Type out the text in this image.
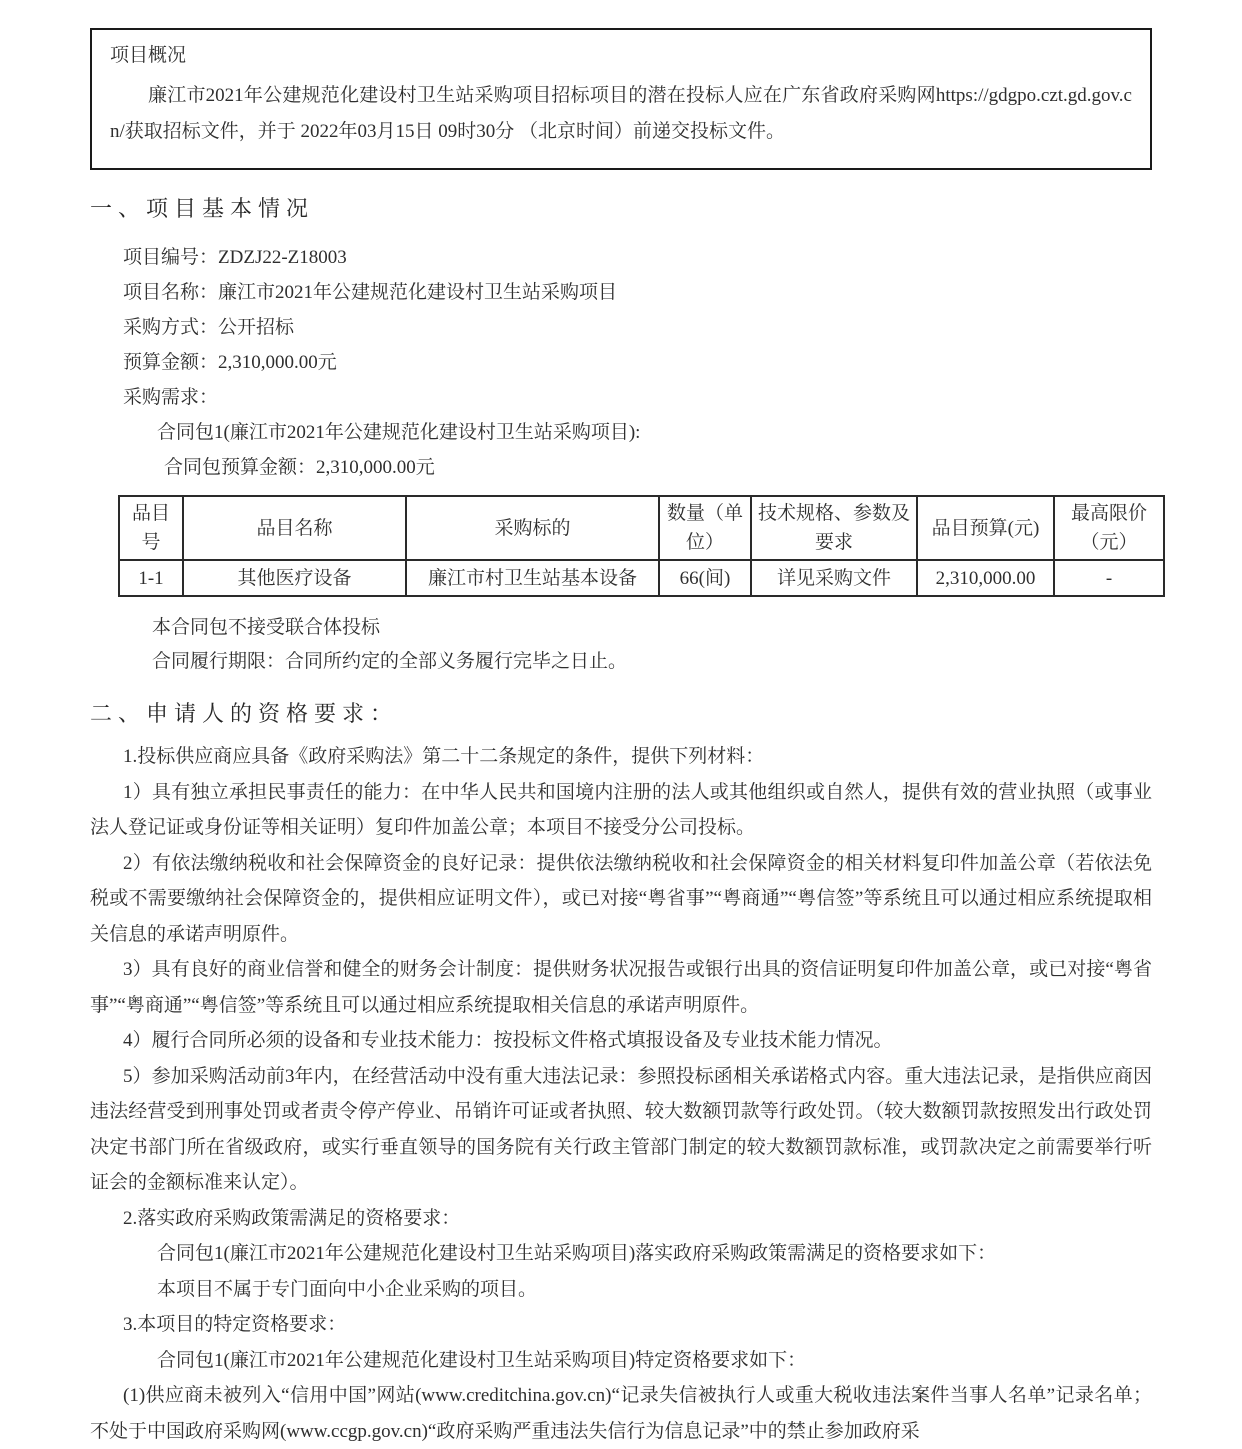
项目概况
廉江市2021年公建规范化建设村卫生站采购项目招标项目的潜在投标人应在广东省政府采购网https://gdgpo.czt.gd.gov.cn/获取招标文件，并于 2022年03月15日 09时30分 （北京时间）前递交投标文件。
一、项目基本情况
项目编号：ZDZJ22-Z18003
项目名称：廉江市2021年公建规范化建设村卫生站采购项目
采购方式：公开招标
预算金额：2,310,000.00元
采购需求：
合同包1(廉江市2021年公建规范化建设村卫生站采购项目):
合同包预算金额：2,310,000.00元
品目号	品目名称	采购标的	数量（单位）	技术规格、参数及要求	品目预算(元)	最高限价（元）
1-1	其他医疗设备	廉江市村卫生站基本设备	66(间)	详见采购文件	2,310,000.00	-
本合同包不接受联合体投标
合同履行期限：合同所约定的全部义务履行完毕之日止。
二、申请人的资格要求：

1.投标供应商应具备《政府采购法》第二十二条规定的条件，提供下列材料：

1）具有独立承担民事责任的能力：在中华人民共和国境内注册的法人或其他组织或自然人，提供有效的营业执照（或事业法人登记证或身份证等相关证明）复印件加盖公章；本项目不接受分公司投标。

2）有依法缴纳税收和社会保障资金的良好记录：提供依法缴纳税收和社会保障资金的相关材料复印件加盖公章（若依法免税或不需要缴纳社会保障资金的，提供相应证明文件），或已对接“粤省事”“粤商通”“粤信签”等系统且可以通过相应系统提取相关信息的承诺声明原件。

3）具有良好的商业信誉和健全的财务会计制度：提供财务状况报告或银行出具的资信证明复印件加盖公章，或已对接“粤省事”“粤商通”“粤信签”等系统且可以通过相应系统提取相关信息的承诺声明原件。

4）履行合同所必须的设备和专业技术能力：按投标文件格式填报设备及专业技术能力情况。

5）参加采购活动前3年内，在经营活动中没有重大违法记录：参照投标函相关承诺格式内容。重大违法记录，是指供应商因违法经营受到刑事处罚或者责令停产停业、吊销许可证或者执照、较大数额罚款等行政处罚。（较大数额罚款按照发出行政处罚决定书部门所在省级政府，或实行垂直领导的国务院有关行政主管部门制定的较大数额罚款标准，或罚款决定之前需要举行听证会的金额标准来认定）。

2.落实政府采购政策需满足的资格要求：

合同包1(廉江市2021年公建规范化建设村卫生站采购项目)落实政府采购政策需满足的资格要求如下：

本项目不属于专门面向中小企业采购的项目。

3.本项目的特定资格要求：

合同包1(廉江市2021年公建规范化建设村卫生站采购项目)特定资格要求如下：

(1)供应商未被列入“信用中国”网站(www.creditchina.gov.cn)“记录失信被执行人或重大税收违法案件当事人名单”记录名单；不处于中国政府采购网(www.ccgp.gov.cn)“政府采购严重违法失信行为信息记录”中的禁止参加政府采
